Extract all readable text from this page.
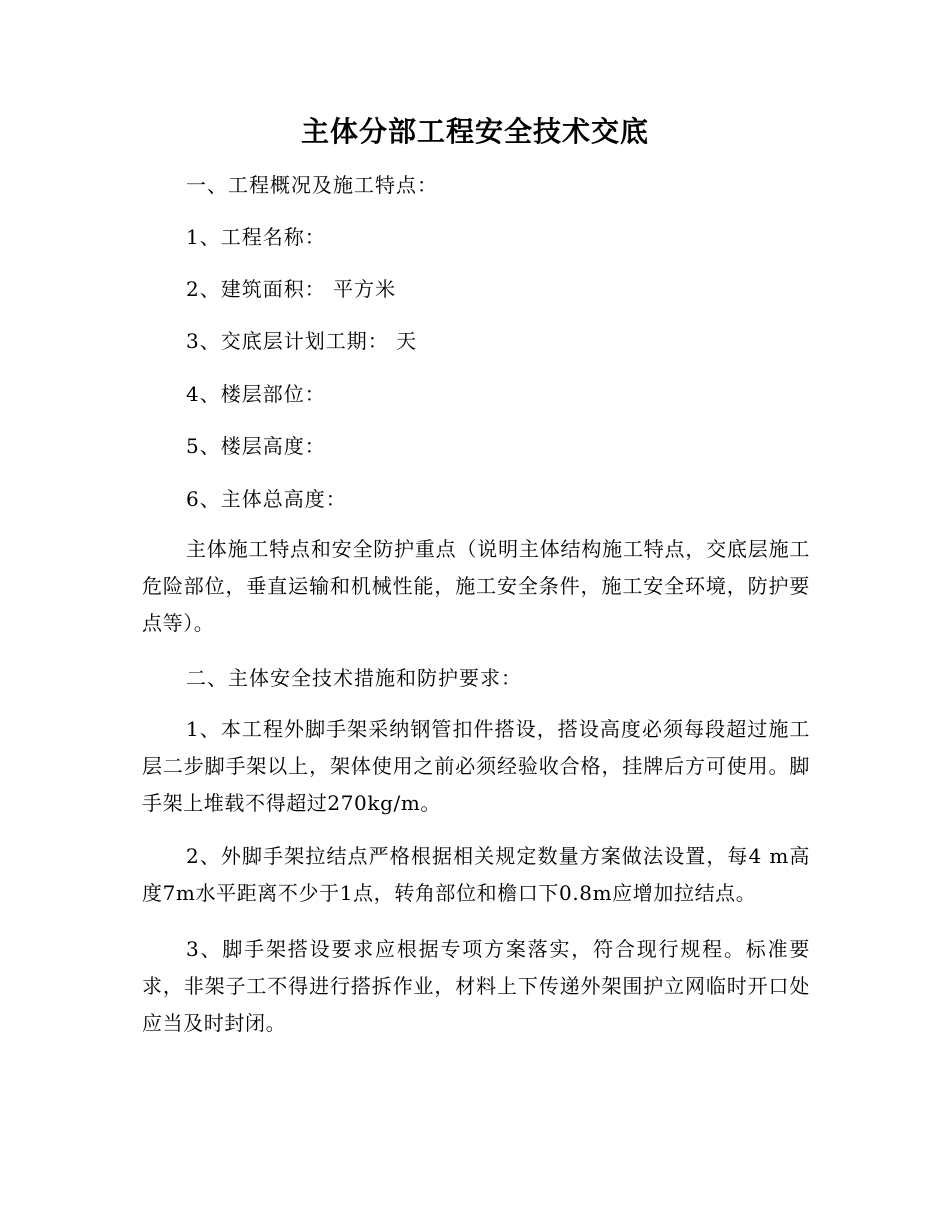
主体分部工程安全技术交底
一、工程概况及施工特点：
1、工程名称：
2、建筑面积： 平方米
3、交底层计划工期： 天
4、楼层部位：
5、楼层高度：
6、主体总高度：
主体施工特点和安全防护重点（说明主体结构施工特点，交底层施工危险部位，垂直运输和机械性能，施工安全条件，施工安全环境，防护要点等）。
二、主体安全技术措施和防护要求：
1、本工程外脚手架采纳钢管扣件搭设，搭设高度必须每段超过施工层二步脚手架以上，架体使用之前必须经验收合格，挂牌后方可使用。脚手架上堆载不得超过270kg/m。
2、外脚手架拉结点严格根据相关规定数量方案做法设置，每4 m高度7m水平距离不少于1点，转角部位和檐口下0.8m应增加拉结点。
3、脚手架搭设要求应根据专项方案落实，符合现行规程。标准要求，非架子工不得进行搭拆作业，材料上下传递外架围护立网临时开口处应当及时封闭。
